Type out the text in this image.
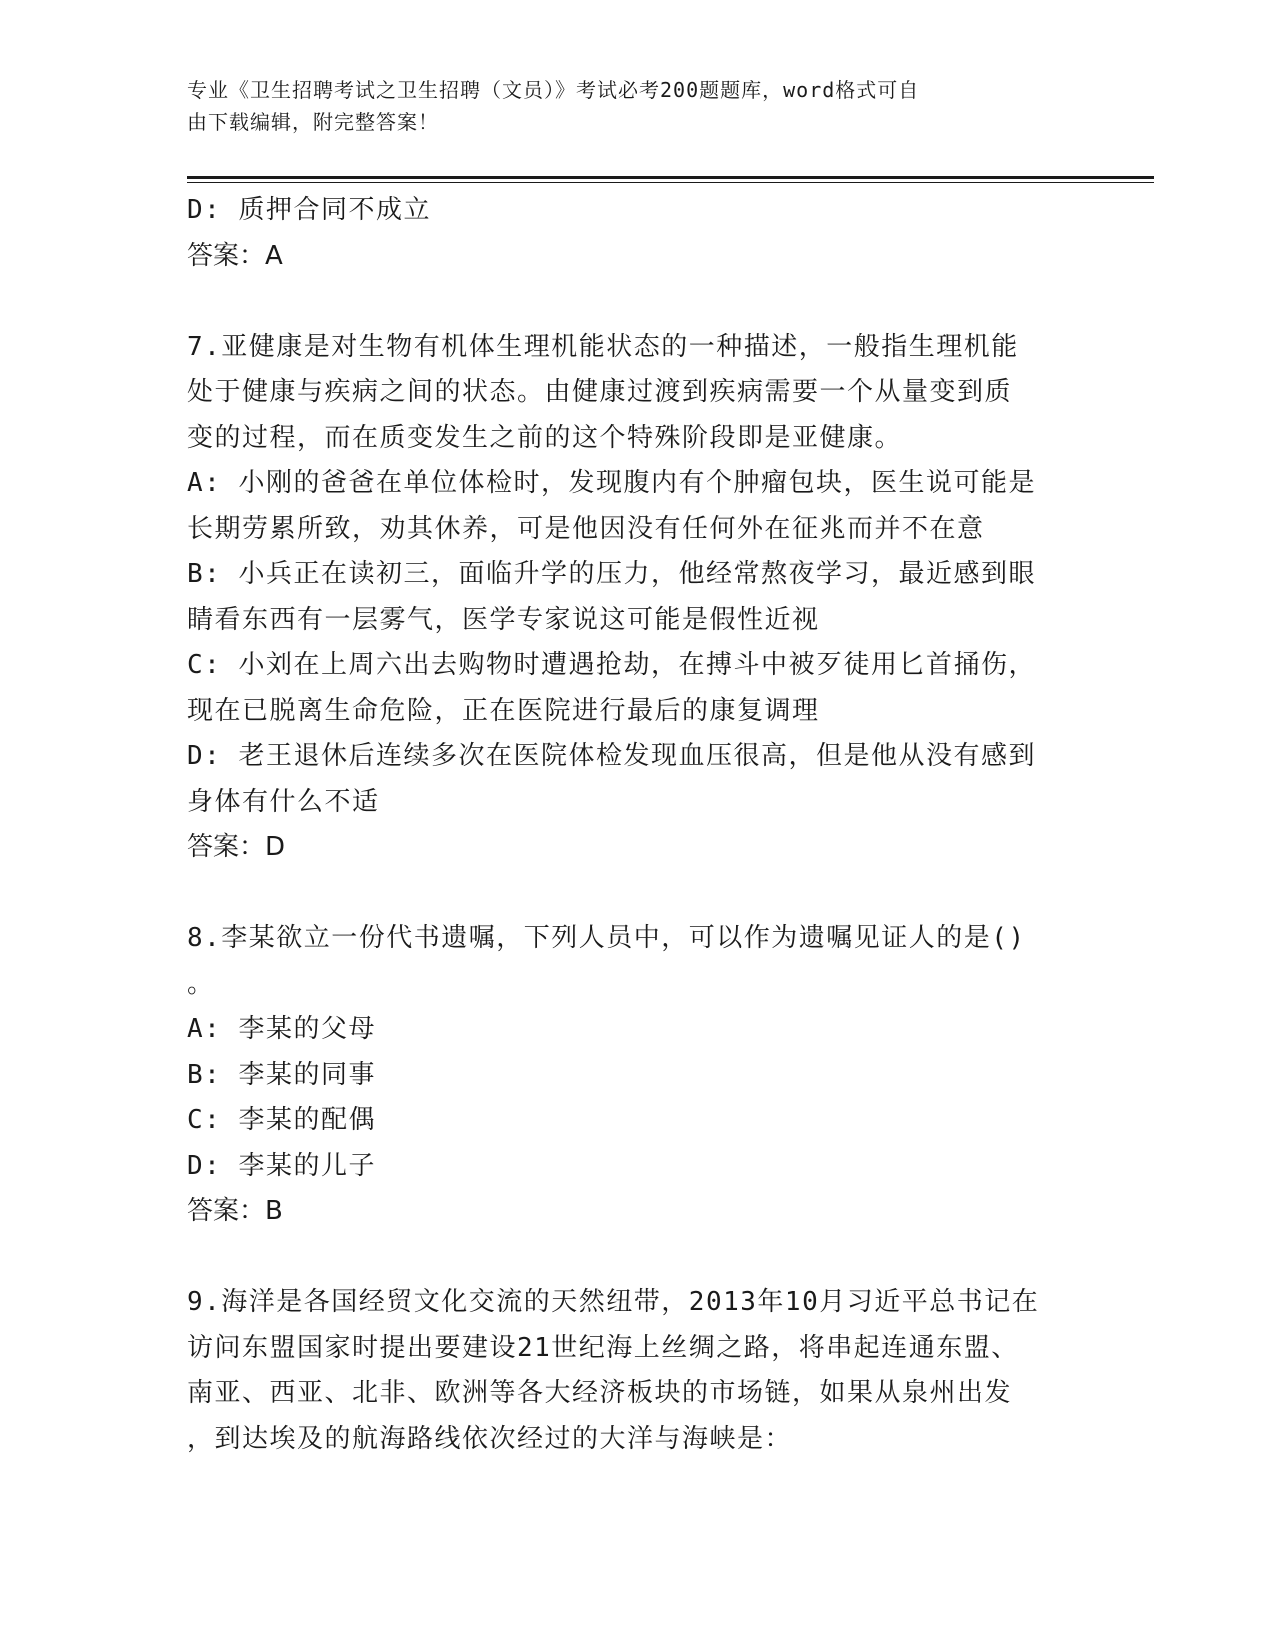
专业《卫生招聘考试之卫生招聘（文员）》考试必考200题题库，word格式可自
由下载编辑，附完整答案！
D: 质押合同不成立
答案：A
7.亚健康是对生物有机体生理机能状态的一种描述，一般指生理机能
处于健康与疾病之间的状态。由健康过渡到疾病需要一个从量变到质
变的过程，而在质变发生之前的这个特殊阶段即是亚健康。
A: 小刚的爸爸在单位体检时，发现腹内有个肿瘤包块，医生说可能是
长期劳累所致，劝其休养，可是他因没有任何外在征兆而并不在意
B: 小兵正在读初三，面临升学的压力，他经常熬夜学习，最近感到眼
睛看东西有一层雾气，医学专家说这可能是假性近视
C: 小刘在上周六出去购物时遭遇抢劫，在搏斗中被歹徒用匕首捅伤，
现在已脱离生命危险，正在医院进行最后的康复调理
D: 老王退休后连续多次在医院体检发现血压很高，但是他从没有感到
身体有什么不适
答案：D
8.李某欲立一份代书遗嘱，下列人员中，可以作为遗嘱见证人的是()
。
A: 李某的父母
B: 李某的同事
C: 李某的配偶
D: 李某的儿子
答案：B
9.海洋是各国经贸文化交流的天然纽带，2013年10月习近平总书记在
访问东盟国家时提出要建设21世纪海上丝绸之路，将串起连通东盟、
南亚、西亚、北非、欧洲等各大经济板块的市场链，如果从泉州出发
，到达埃及的航海路线依次经过的大洋与海峡是：
